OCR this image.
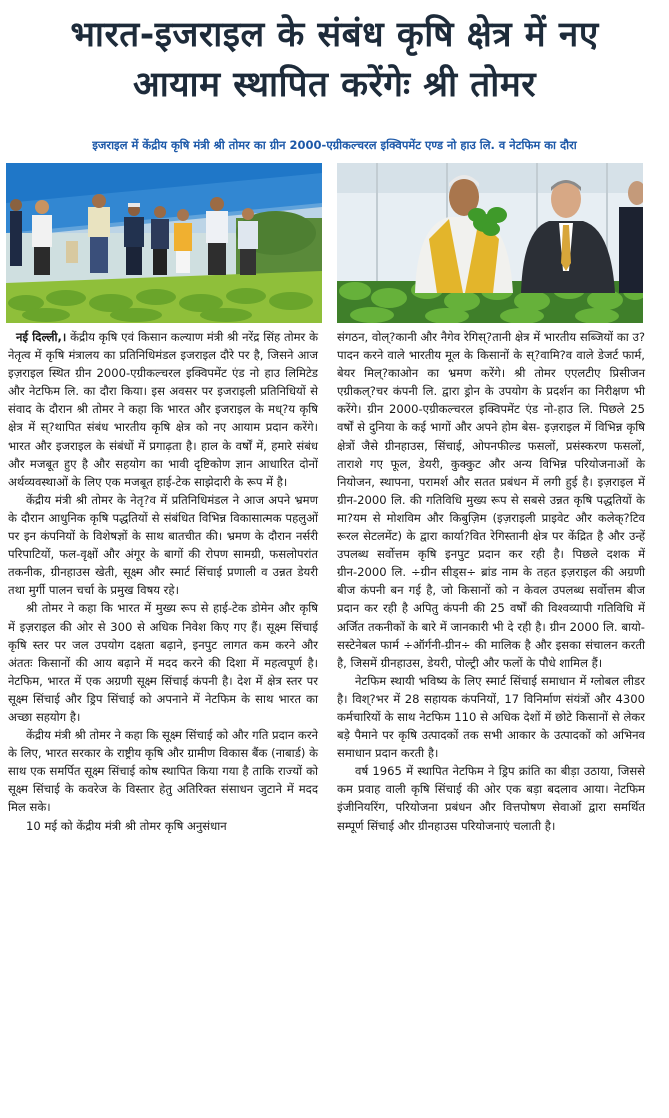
भारत-इजराइल के संबंध कृषि क्षेत्र में नए
आयाम स्थापित करेंगेः श्री तोमर
इजराइल में केंद्रीय कृषि मंत्री श्री तोमर का ग्रीन 2000-एग्रीकल्चरल इक्विपमेंट एण्ड नो हाउ लि. व नेटफिम का दौरा

नई दिल्ली,। केंद्रीय कृषि एवं किसान कल्याण मंत्री श्री नरेंद्र सिंह तोमर के नेतृत्व में कृषि मंत्रालय का प्रतिनिधिमंडल इजराइल दौरे पर है, जिसने आज इज़राइल स्थित ग्रीन 2000-एग्रीकल्चरल इक्विपमेंट एंड नो हाउ लिमिटेड और नेटफिम लि. का दौरा किया। इस अवसर पर इजराइली प्रतिनिधियों से संवाद के दौरान श्री तोमर ने कहा कि भारत और इजराइल के मध्?य कृषि क्षेत्र में स्?थापित संबंध भारतीय कृषि क्षेत्र को नए आयाम प्रदान करेंगे। भारत और इजराइल के संबंधों में प्रगाढ़ता है। हाल के वर्षों में, हमारे संबंध और मजबूत हुए है और सहयोग का भावी दृष्टिकोण ज्ञान आधारित दोनों अर्थव्यवस्थाओं के लिए एक मजबूत हाई-टेक साझेदारी के रूप में है।

केंद्रीय मंत्री श्री तोमर के नेतृ?व में प्रतिनिधिमंडल ने आज अपने भ्रमण के दौरान आधुनिक कृषि पद्धतियों से संबंधित विभिन्न विकासात्मक पहलुओं पर इन कंपनियों के विशेषज्ञों के साथ बातचीत की। भ्रमण के दौरान नर्सरी परिपाटियों, फल-वृक्षों और अंगूर के बागों की रोपण सामग्री, फसलोपरांत तकनीक, ग्रीनहाउस खेती, सूक्ष्म और स्मार्ट सिंचाई प्रणाली व उन्नत डेयरी तथा मुर्गी पालन चर्चा के प्रमुख विषय रहे।

श्री तोमर ने कहा कि भारत में मुख्य रूप से हाई-टेक डोमेन और कृषि में इज़राइल की ओर से 300 से अधिक निवेश किए गए हैं। सूक्ष्म सिंचाई कृषि स्तर पर जल उपयोग दक्षता बढ़ाने, इनपुट लागत कम करने और अंततः किसानों की आय बढ़ाने में मदद करने की दिशा में महत्वपूर्ण है। नेटफिम, भारत में एक अग्रणी सूक्ष्म सिंचाई कंपनी है। देश में क्षेत्र स्तर पर सूक्ष्म सिंचाई और ड्रिप सिंचाई को अपनाने में नेटफिम के साथ भारत का अच्छा सहयोग है।

केंद्रीय मंत्री श्री तोमर ने कहा कि सूक्ष्म सिंचाई को और गति प्रदान करने के लिए, भारत सरकार के राष्ट्रीय कृषि और ग्रामीण विकास बैंक (नाबार्ड) के साथ एक समर्पित सूक्ष्म सिंचाई कोष स्थापित किया गया है ताकि राज्यों को सूक्ष्म सिंचाई के कवरेज के विस्तार हेतु अतिरिक्त संसाधन जुटाने में मदद मिल सके।

10 मई को केंद्रीय मंत्री श्री तोमर कृषि अनुसंधान

संगठन, वोल्?कानी और नैगेव रेगिस्?तानी क्षेत्र में भारतीय सब्जियों का उ?पादन करने वाले भारतीय मूल के किसानों के स्?वामि?व वाले डेजर्ट फार्म, बेयर मिल्?काओन का भ्रमण करेंगे। श्री तोमर एएलटीए प्रिसीजन एग्रीकल्?चर कंपनी लि. द्वारा ड्रोन के उपयोग के प्रदर्शन का निरीक्षण भी करेंगे। ग्रीन 2000-एग्रीकल्चरल इक्विपमेंट एंड नो-हाउ लि. पिछले 25 वर्षों से दुनिया के कई भागों और अपने होम बेस- इज़राइल में विभिन्न कृषि क्षेत्रों जैसे ग्रीनहाउस, सिंचाई, ओपनफील्ड फसलों, प्रसंस्करण फसलों, ताराशे गए फूल, डेयरी, कुक्कुट और अन्य विभिन्न परियोजनाओं के नियोजन, स्थापना, परामर्श और सतत प्रबंधन में लगी हुई है। इज़राइल में ग्रीन-2000 लि. की गतिविधि मुख्य रूप से सबसे उन्नत कृषि पद्धतियों के मा?यम से मोशविम और किबुज़िम (इज़राइली प्राइवेट और कलेक्?टिव रूरल सेटलमेंट) के द्वारा कार्या?वित रेगिस्तानी क्षेत्र पर केंद्रित है और उन्हें उपलब्ध सर्वोत्तम कृषि इनपुट प्रदान कर रही है। पिछले दशक में ग्रीन-2000 लि. ÷ग्रीन सीड्स÷ ब्रांड नाम के तहत इज़राइल की अग्रणी बीज कंपनी बन गई है, जो किसानों को न केवल उपलब्ध सर्वोत्तम बीज प्रदान कर रही है अपितु कंपनी की 25 वर्षों की विश्वव्यापी गतिविधि में अर्जित तकनीकों के बारे में जानकारी भी दे रही है। ग्रीन 2000 लि. बायो-सस्टेनेबल फार्म ÷ऑर्गनी-ग्रीन÷ की मालिक है और इसका संचालन करती है, जिसमें ग्रीनहाउस, डेयरी, पोल्ट्री और फलों के पौधे शामिल हैं।

नेटफिम स्थायी भविष्य के लिए स्मार्ट सिंचाई समाधान में ग्लोबल लीडर है। विश्?भर में 28 सहायक कंपनियों, 17 विनिर्माण संयंत्रों और 4300 कर्मचारियों के साथ नेटफिम 110 से अधिक देशों में छोटे किसानों से लेकर बड़े पैमाने पर कृषि उत्पादकों तक सभी आकार के उत्पादकों को अभिनव समाधान प्रदान करती है।

वर्ष 1965 में स्थापित नेटफिम ने ड्रिप क्रांति का बीड़ा उठाया, जिससे कम प्रवाह वाली कृषि सिंचाई की ओर एक बड़ा बदलाव आया। नेटफिम इंजीनियरिंग, परियोजना प्रबंधन और वित्तपोषण सेवाओं द्वारा समर्थित सम्पूर्ण सिंचाई और ग्रीनहाउस परियोजनाएं चलाती है।
